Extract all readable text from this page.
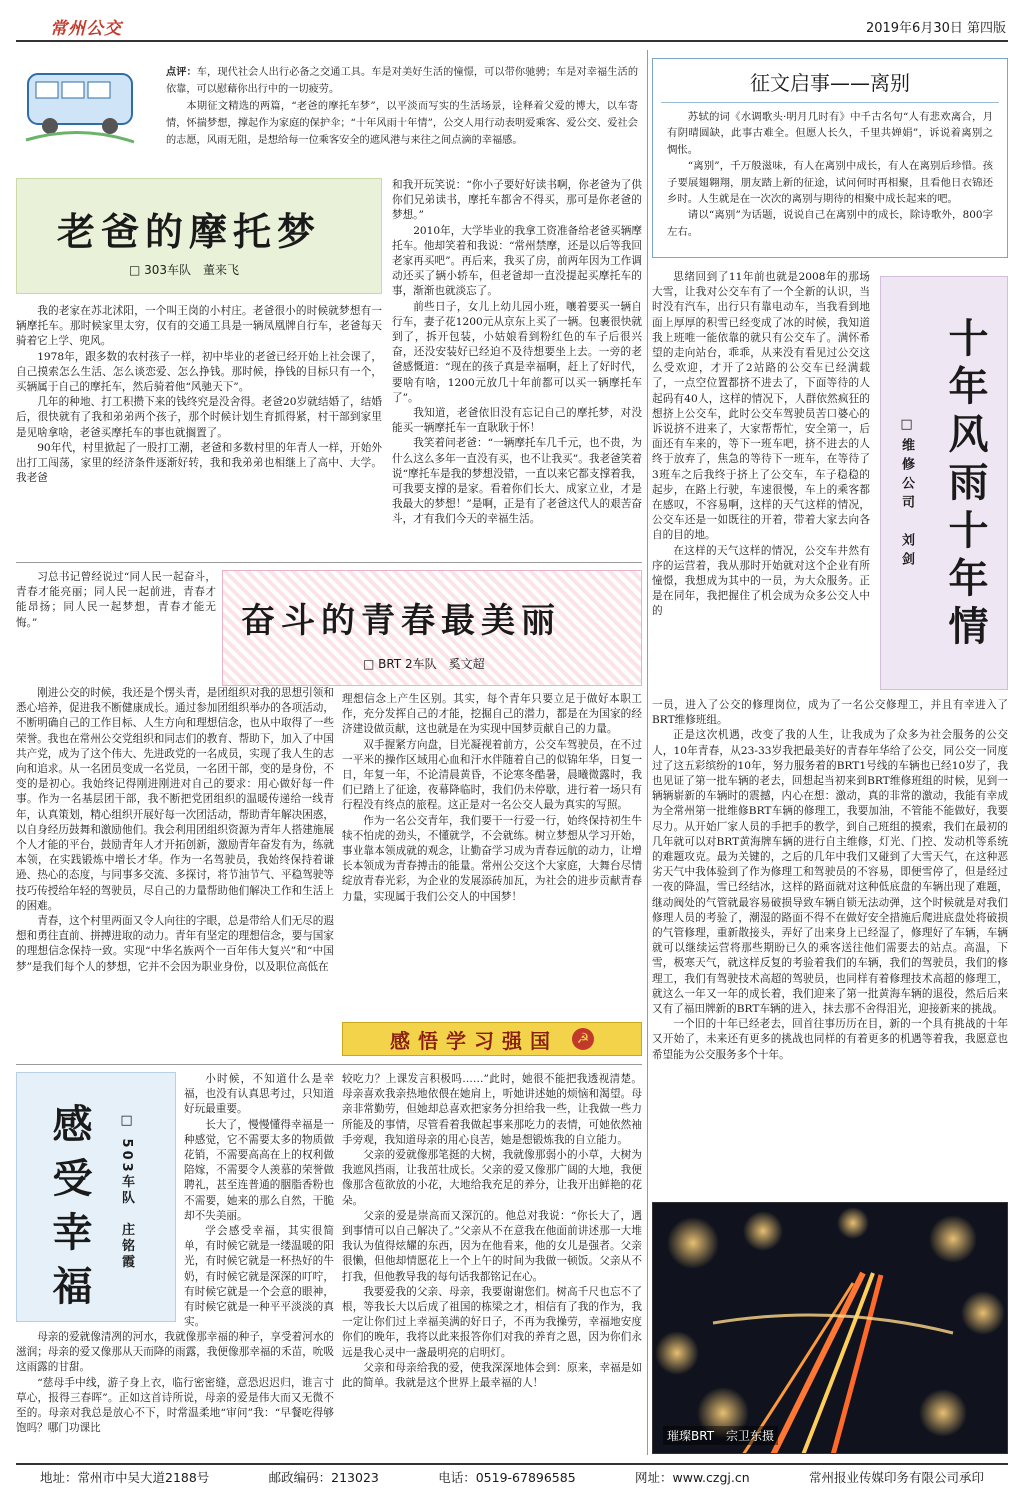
常州公交	2019年6月30日 第四版
点评：车，现代社会人出行必备之交通工具。车是对美好生活的憧憬，可以带你驰骋；车是对幸福生活的依靠，可以慰藉你出行中的一切疲劳。
本期征文精选的两篇，“老爸的摩托车梦”，以平淡而写实的生活场景，诠释着父爱的博大，以车寄情，怀揣梦想，撑起作为家庭的保护伞；“十年风雨十年情”，公交人用行动表明爱乘客、爱公交、爱社会的志愿，风雨无阻，是想给每一位乘客安全的遮风港与来往之间点滴的幸福感。
征文启事——离别

苏轼的词《水调歌头·明月几时有》中千古名句“人有悲欢离合，月有阴晴圆缺，此事古难全。但愿人长久，千里共婵娟”，诉说着离别之惆怅。

“离别”，千万般滋味，有人在离别中成长，有人在离别后珍惜。孩子要展翅翱翔，朋友踏上新的征途，试问何时再相聚，且看他日衣锦还乡时。人生就是在一次次的离别与期待的相聚中成长起来的吧。

请以“离别”为话题，说说自己在离别中的成长，除诗歌外，800字左右。

老爸的摩托梦
□ 303车队　董来飞

我的老家在苏北沭阳，一个叫王岗的小村庄。老爸很小的时候就梦想有一辆摩托车。那时候家里太穷，仅有的交通工具是一辆凤凰牌自行车，老爸每天骑着它上学、兜风。

1978年，跟多数的农村孩子一样，初中毕业的老爸已经开始上社会课了，自己摸索怎么生活、怎么谈恋爱、怎么挣钱。那时候，挣钱的目标只有一个，买辆属于自己的摩托车，然后骑着他“风驰天下”。

几年的种地、打工积攒下来的钱终究是没舍得。老爸20岁就结婚了，结婚后，很快就有了我和弟弟两个孩子，那个时候计划生育抓得紧，村干部到家里是见啥拿啥，老爸买摩托车的事也就搁置了。

90年代，村里掀起了一股打工潮，老爸和多数村里的年青人一样，开始外出打工闯荡，家里的经济条件逐渐好转，我和我弟弟也相继上了高中、大学。我老爸

和我开玩笑说：“你小子要好好读书啊，你老爸为了供你们兄弟读书，摩托车都舍不得买，那可是你老爸的梦想。”

2010年，大学毕业的我拿工资准备给老爸买辆摩托车。他却笑着和我说：“常州禁摩，还是以后等我回老家再买吧”。再后来，我买了房，前两年因为工作调动还买了辆小轿车，但老爸却一直没提起买摩托车的事，渐渐也就淡忘了。

前些日子，女儿上幼儿园小班，嚷着要买一辆自行车，妻子花1200元从京东上买了一辆。包裹很快就到了，拆开包装，小姑娘看到粉红色的车子后很兴奋，还没安装好已经迫不及待想要坐上去。一旁的老爸感慨道：“现在的孩子真是幸福啊，赶上了好时代，要啥有啥，1200元放几十年前都可以买一辆摩托车了”。

我知道，老爸依旧没有忘记自己的摩托梦，对没能买一辆摩托车一直耿耿于怀！

我笑着问老爸：“一辆摩托车几千元，也不贵，为什么这么多年一直没有买，也不让我买”。我老爸笑着说“摩托车是我的梦想没错，一直以来它都支撑着我，可我要支撑的是家。看着你们长大、成家立业，才是我最大的梦想！”是啊，正是有了老爸这代人的艰苦奋斗，才有我们今天的幸福生活。

习总书记曾经说过“同人民一起奋斗，青春才能亮丽；同人民一起前进，青春才能昂扬；同人民一起梦想，青春才能无悔。”	奋斗的青春最美丽
□ BRT 2车队　奚文超

刚进公交的时候，我还是个愣头青，是团组织对我的思想引领和悉心培养，促进我不断健康成长。通过参加团组织举办的各项活动，不断明确自己的工作目标、人生方向和理想信念，也从中取得了一些荣誉。我也在常州公交党组织和同志们的教育、帮助下，加入了中国共产党，成为了这个伟大、先进政党的一名成员，实现了我人生的志向和追求。从一名团员变成一名党员，一名团干部，变的是身份，不变的是初心。我始终记得刚进刚进对自己的要求：用心做好每一件事。作为一名基层团干部，我不断把党团组织的温暖传递给一线青年，认真策划，精心组织开展好每一次团活动，帮助青年解决困惑，以自身经历鼓舞和激励他们。我会利用团组织资源为青年人搭建施展个人才能的平台，鼓励青年人才开拓创新，激励青年奋发有为，练就本领，在实践锻炼中增长才华。作为一名驾驶员，我始终保持着谦逊、热心的态度，与同事多交流、多探讨，将节油节气、平稳驾驶等技巧传授给年轻的驾驶员，尽自己的力量帮助他们解决工作和生活上的困难。

青春，这个村里两面又令人向往的字眼，总是带给人们无尽的遐想和勇往直前、拼搏进取的动力。青年有坚定的理想信念，要与国家的理想信念保持一致。实现“中华名族两个一百年伟大复兴”和“中国梦”是我们每个人的梦想，它并不会因为职业身份，以及职位高低在

理想信念上产生区别。其实，每个青年只要立足于做好本职工作，充分发挥自己的才能，挖掘自己的潜力，都是在为国家的经济建设做贡献，这也就是在为实现中国梦贡献自己的力量。

双手握紧方向盘，目光凝视着前方，公交车驾驶员，在不过一平米的操作区域用心血和汗水伴随着自己的似锦年华，日复一日，年复一年，不论清晨黄昏，不论寒冬酷暑，晨曦微露时，我们已踏上了征途，夜幕降临时，我们仍未停歇，进行着一场只有行程没有终点的旅程。这正是对一名公交人最为真实的写照。

作为一名公交青年，我们要干一行爱一行，始终保持初生牛犊不怕虎的劲头，不懂就学，不会就练。树立梦想从学习开始，事业靠本领成就的观念，让勤奋学习成为青春远航的动力，让增长本领成为青春搏击的能量。常州公交这个大家庭，大舞台尽情绽放青春光彩，为企业的发展添砖加瓦，为社会的进步贡献青春力量，实现属于我们公交人的中国梦！

感悟学习强国	☭
感受幸福	□ 503车队　庄铭霞

小时候，不知道什么是幸福，也没有认真思考过，只知道好玩最重要。

长大了，慢慢懂得幸福是一种感觉，它不需要太多的物质做花销，不需要高高在上的权利做陪嫁，不需要令人羡慕的荣誉做聘礼，甚至连普通的胭脂香粉也不需要，她来的那么自然，干脆却不失美丽。

学会感受幸福，其实很简单，有时候它就是一缕温暖的阳光，有时候它就是一杯热好的牛奶，有时候它就是深深的叮咛，有时候它就是一个会意的眼神，有时候它就是一种平平淡淡的真实。

母亲的爱就像清冽的河水，我就像那幸福的种子，享受着河水的滋润；母亲的爱又像那从天而降的雨露，我便像那幸福的禾苗，吮吸这雨露的甘甜。

“慈母手中线，游子身上衣，临行密密缝，意恐迟迟归，谁言寸草心，报得三春晖”。正如这首诗所说，母亲的爱是伟大而又无微不至的。母亲对我总是放心不下，时常温柔地“审问”我：“早餐吃得够饱吗？哪门功课比

较吃力？上课发言积极吗……”此时，她很不能把我透视清楚。母亲喜欢我亲热地依偎在她肩上，听她讲述她的烦恼和渴望。母亲非常勤劳，但她却总喜欢把家务分担给我一些，让我做一些力所能及的事情，尽管看着我做起事来那吃力的表情，可她依然袖手旁观，我知道母亲的用心良苦，她是想锻炼我的自立能力。

父亲的爱就像那笔挺的大树，我就像那弱小的小草，大树为我遮风挡雨，让我茁壮成长。父亲的爱又像那广阔的大地，我便像那含苞欲放的小花，大地给我充足的养分，让我开出鲜艳的花朵。

父亲的爱是崇高而又深沉的。他总对我说：“你长大了，遇到事情可以自己解决了。”父亲从不在意我在他面前讲述那一大堆我认为值得炫耀的东西，因为在他看来，他的女儿是强者。父亲很懒，但他却情愿花上一个上午的时间为我做一顿饭。父亲从不打我，但他教导我的每句话我都铭记在心。

我要爱我的父亲、母亲，我要谢谢您们。树高千尺也忘不了根，等我长大以后成了祖国的栋梁之才，相信有了我的作为，我一定让你们过上幸福美满的好日子，不再为我操劳，幸福地安度你们的晚年，我将以此来报答你们对我的养育之恩，因为你们永远是我心灵中一盏最明亮的启明灯。

父亲和母亲给我的爱，使我深深地体会到：原来，幸福是如此的简单。我就是这个世界上最幸福的人！

思绪回到了11年前也就是2008年的那场大雪，让我对公交车有了一个全新的认识，当时没有汽车，出行只有靠电动车，当我看到地面上厚厚的积雪已经变成了冰的时候，我知道我上班唯一能依靠的就只有公交车了。满怀希望的走向站台，乖乖，从来没有看见过公交这么受欢迎，才开了2站路的公交车已经满载了，一点空位置都挤不进去了，下面等待的人起码有40人，这样的情况下，人群依然疯狂的想挤上公交车，此时公交车驾驶员苦口婆心的诉说挤不进来了，大家帮帮忙，安全第一，后面还有车来的，等下一班车吧，挤不进去的人终于放弃了，焦急的等待下一班车，在等待了3班车之后我终于挤上了公交车，车子稳稳的起步，在路上行驶，车速很慢，车上的乘客都在感叹，不容易啊，这样的天气这样的情况，公交车还是一如既往的开着，带着大家去向各自的目的地。

在这样的天气这样的情况，公交车井然有序的运营着，我从那时开始就对这个企业有所憧憬，我想成为其中的一员，为大众服务。正是在同年，我把握住了机会成为众多公交人中的	十年风雨十年情
□维修公司　刘剑
一员，进入了公交的修理岗位，成为了一名公交修理工，并且有幸进入了BRT维修班组。

正是这次机遇，改变了我的人生，让我成为了众多为社会服务的公交人，10年青春，从23-33岁我把最美好的青春年华给了公交，同公交一同度过了这五彩缤纷的10年，努力服务着的BRT1号线的车辆也已经10岁了，我也见证了第一批车辆的老去，回想起当初来到BRT维修班组的时候，见到一辆辆崭新的车辆时的震撼，内心在想：激动，真的非常的激动，我能有幸成为全常州第一批维修BRT车辆的修理工，我要加油，不管能不能做好，我要尽力。从开始厂家人员的手把手的教学，到自己班组的摸索，我们在最初的几年就可以对BRT黄海牌车辆的进行自主维修，灯光、门控、发动机等系统的难题攻克。最为关键的，之后的几年中我们又碰到了大雪天气，在这种恶劣天气中我体验到了作为修理工和驾驶员的不容易，即便雪停了，但是经过一夜的降温，雪已经结冰，这样的路面就对这种低底盘的车辆出现了难题，继动阀处的气管就最容易破损导致车辆自锁无法动弹，这个时候就是对我们修理人员的考验了，潮湿的路面不得不在做好安全措施后爬进底盘处将破损的气管修理，重新散接头，弄好了出来身上已经湿了，修理好了车辆，车辆就可以继续运营将那些期盼已久的乘客送往他们需要去的站点。高温，下雪，极寒天气，就这样反复的考验着我们的车辆，我们的驾驶员，我们的修理工，我们有驾驶技术高超的驾驶员，也同样有着修理技术高超的修理工，就这么一年又一年的成长着，我们迎来了第一批黄海车辆的退役，然后后来又有了福田牌新的BRT车辆的进入，抹去那不舍得泪光，迎接新来的挑战。

一个旧的十年已经老去，回首往事历历在目，新的一个具有挑战的十年又开始了，未来还有更多的挑战也同样的有着更多的机遇等着我，我愿意也希望能为公交服务多个十年。

璀璨BRT　宗卫东摄
地址：常州市中吴大道2188号	邮政编码：213023	电话：0519-67896585	网址：www.czgj.cn	常州报业传媒印务有限公司承印
